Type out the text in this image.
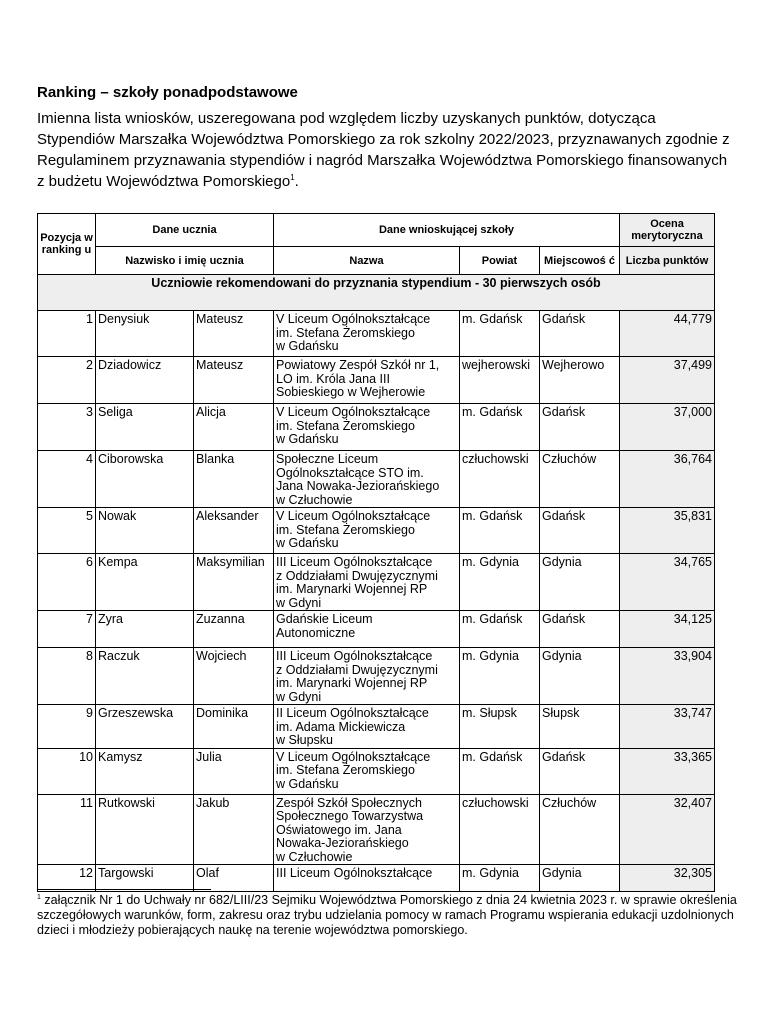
Ranking – szkoły ponadpodstawowe

Imienna lista wniosków, uszeregowana pod względem liczby uzyskanych punktów, dotycząca Stypendiów Marszałka Województwa Pomorskiego za rok szkolny 2022/2023, przyznawanych zgodnie z Regulaminem przyznawania stypendiów i nagród Marszałka Województwa Pomorskiego finansowanych z budżetu Województwa Pomorskiego$^1$.

Pozycja w ranking u	Dane ucznia		Dane wnioskującej szkoły			Ocena merytoryczna
	Nazwisko i imię ucznia		Nazwa	Powiat	Miejscowoś ć	Liczba punktów
Uczniowie rekomendowani do przyznania stypendium - 30 pierwszych osób						
1	Denysiuk	Mateusz	V Liceum Ogólnokształcące
im. Stefana Żeromskiego
w Gdańsku	m. Gdańsk	Gdańsk	44,779
2	Dziadowicz	Mateusz	Powiatowy Zespół Szkół nr 1,
LO im. Króla Jana III
Sobieskiego w Wejherowie	wejherowski	Wejherowo	37,499
3	Seliga	Alicja	V Liceum Ogólnokształcące
im. Stefana Żeromskiego
w Gdańsku	m. Gdańsk	Gdańsk	37,000
4	Ciborowska	Blanka	Społeczne Liceum
Ogólnokształcące STO im.
Jana Nowaka-Jeziorańskiego
w Człuchowie	człuchowski	Człuchów	36,764
5	Nowak	Aleksander	V Liceum Ogólnokształcące
im. Stefana Żeromskiego
w Gdańsku	m. Gdańsk	Gdańsk	35,831
6	Kempa	Maksymilian	III Liceum Ogólnokształcące
z Oddziałami Dwujęzycznymi
im. Marynarki Wojennej RP
w Gdyni	m. Gdynia	Gdynia	34,765
7	Zyra	Zuzanna	Gdańskie Liceum
Autonomiczne	m. Gdańsk	Gdańsk	34,125
8	Raczuk	Wojciech	III Liceum Ogólnokształcące
z Oddziałami Dwujęzycznymi
im. Marynarki Wojennej RP
w Gdyni	m. Gdynia	Gdynia	33,904
9	Grzeszewska	Dominika	II Liceum Ogólnokształcące
im. Adama Mickiewicza
w Słupsku	m. Słupsk	Słupsk	33,747
10	Kamysz	Julia	V Liceum Ogólnokształcące
im. Stefana Żeromskiego
w Gdańsku	m. Gdańsk	Gdańsk	33,365
11	Rutkowski	Jakub	Zespół Szkół Społecznych
Społecznego Towarzystwa
Oświatowego im. Jana
Nowaka-Jeziorańskiego
w Człuchowie	człuchowski	Człuchów	32,407
12	Targowski	Olaf	III Liceum Ogólnokształcące	m. Gdynia	Gdynia	32,305

$^1$ załącznik Nr 1 do Uchwały nr 682/LIII/23 Sejmiku Województwa Pomorskiego z dnia 24 kwietnia 2023 r. w sprawie określenia szczegółowych warunków, form, zakresu oraz trybu udzielania pomocy w ramach Programu wspierania edukacji uzdolnionych dzieci i młodzieży pobierających naukę na terenie województwa pomorskiego.
